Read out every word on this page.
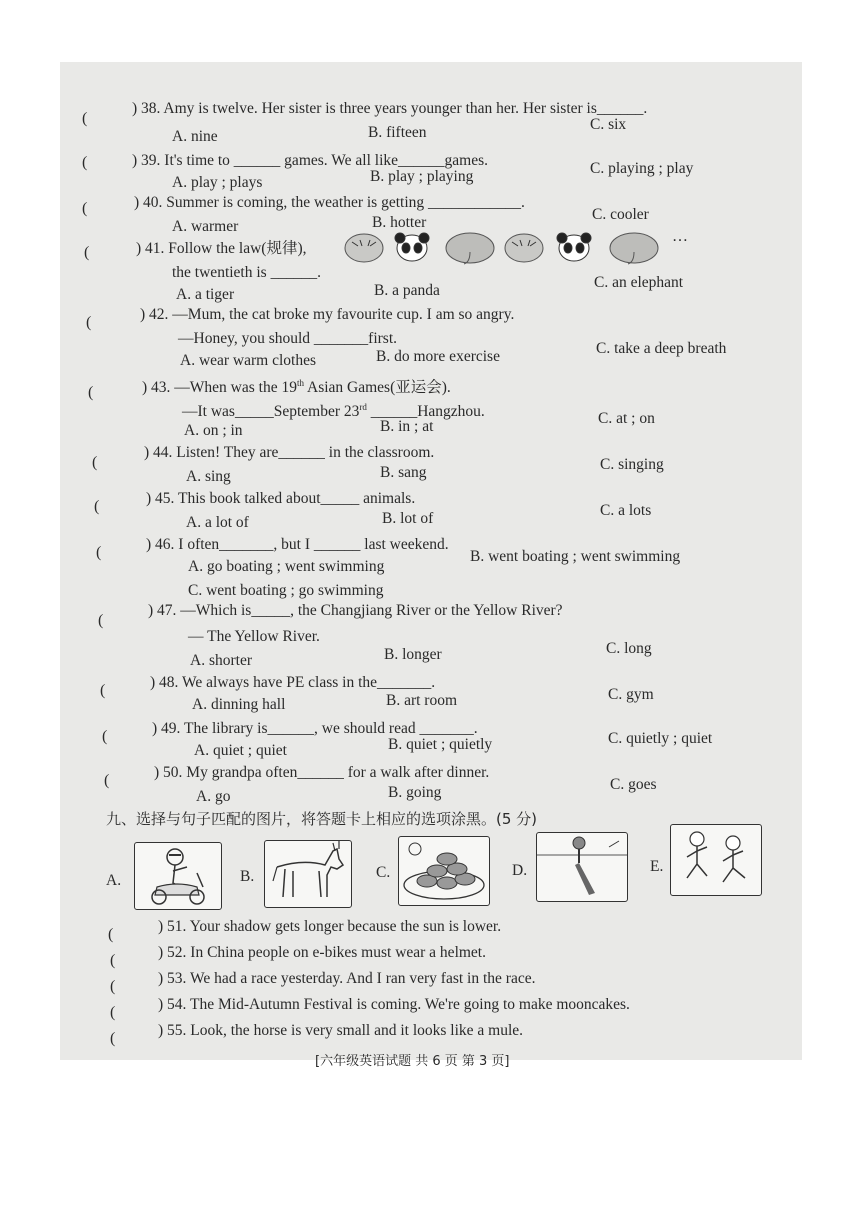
(
) 38. Amy is twelve. Her sister is three years younger than her. Her sister is______.
A. nine	B. fifteen	C. six
(	) 39. It's time to ______ games. We all like______games.
A. play ; plays	B. play ; playing	C. playing ; play
(	) 40. Summer is coming, the weather is getting ____________.
A. warmer	B. hotter	C. cooler
(	) 41. Follow the law(规律),
…
the twentieth is ______.
A. a tiger	B. a panda	C. an elephant
(	) 42. —Mum, the cat broke my favourite cup. I am so angry.
—Honey, you should _______first.
A. wear warm clothes	B. do more exercise	C. take a deep breath
(	) 43. —When was the 19th Asian Games(亚运会).
—It was_____September 23rd ______Hangzhou.
A. on ; in	B. in ; at	C. at ; on
(
) 44. Listen! They are______ in the classroom.
A. sing	B. sang	C. singing
(	) 45. This book talked about_____ animals.
A. a lot of	B. lot of	C. a lots
(	) 46. I often_______, but I ______ last weekend.
A. go boating ; went swimming
B. went boating ; went swimming
C. went boating ; go swimming
(
) 47. —Which is_____, the Changjiang River or the Yellow River?
— The Yellow River.
A. shorter	B. longer	C. long
(	) 48. We always have PE class in the_______.
A. dinning hall	B. art room	C. gym
(	) 49. The library is______, we should read _______.
A. quiet ; quiet	B. quiet ; quietly	C. quietly ; quiet
(	) 50. My grandpa often______ for a walk after dinner.
A. go	B. going	C. goes
九、选择与句子匹配的图片，将答题卡上相应的选项涂黑。(5 分)
A.	B.	C.	D.	E.
(	) 51. Your shadow gets longer because the sun is lower.
(	) 52. In China people on e-bikes must wear a helmet.
(	) 53. We had a race yesterday. And I ran very fast in the race.
(	) 54. The Mid-Autumn Festival is coming. We're going to make mooncakes.
(	) 55. Look, the horse is very small and it looks like a mule.
[六年级英语试题 共 6 页 第 3 页]
